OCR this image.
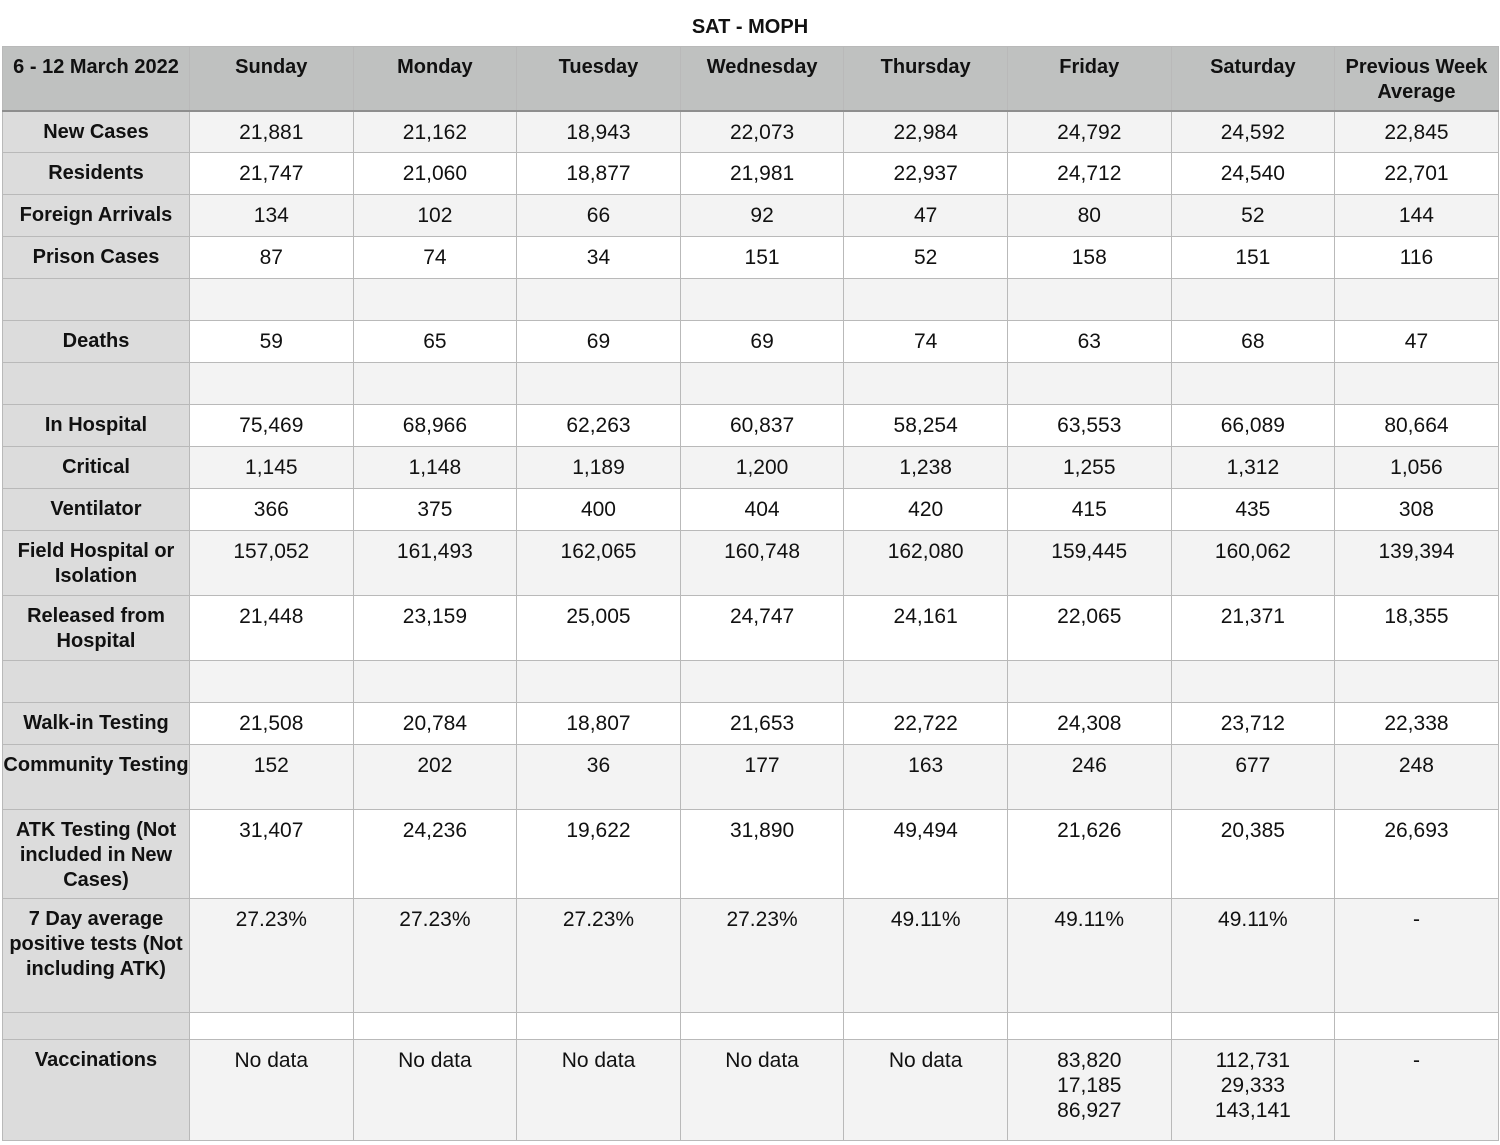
SAT - MOPH
6 - 12 March 2022	Sunday	Monday	Tuesday	Wednesday	Thursday	Friday	Saturday	Previous Week Average
New Cases	21,881	21,162	18,943	22,073	22,984	24,792	24,592	22,845
Residents	21,747	21,060	18,877	21,981	22,937	24,712	24,540	22,701
Foreign Arrivals	134	102	66	92	47	80	52	144
Prison Cases	87	74	34	151	52	158	151	116

Deaths	59	65	69	69	74	63	68	47

In Hospital	75,469	68,966	62,263	60,837	58,254	63,553	66,089	80,664
Critical	1,145	1,148	1,189	1,200	1,238	1,255	1,312	1,056
Ventilator	366	375	400	404	420	415	435	308
Field Hospital or Isolation	157,052	161,493	162,065	160,748	162,080	159,445	160,062	139,394
Released from Hospital	21,448	23,159	25,005	24,747	24,161	22,065	21,371	18,355

Walk-in Testing	21,508	20,784	18,807	21,653	22,722	24,308	23,712	22,338
Community Testing	152	202	36	177	163	246	677	248
ATK Testing (Not included in New Cases)	31,407	24,236	19,622	31,890	49,494	21,626	20,385	26,693
7 Day average positive tests (Not including ATK)	27.23%	27.23%	27.23%	27.23%	49.11%	49.11%	49.11%	-

Vaccinations	No data	No data	No data	No data	No data	83,820
17,185
86,927	112,731
29,333
143,141	-
